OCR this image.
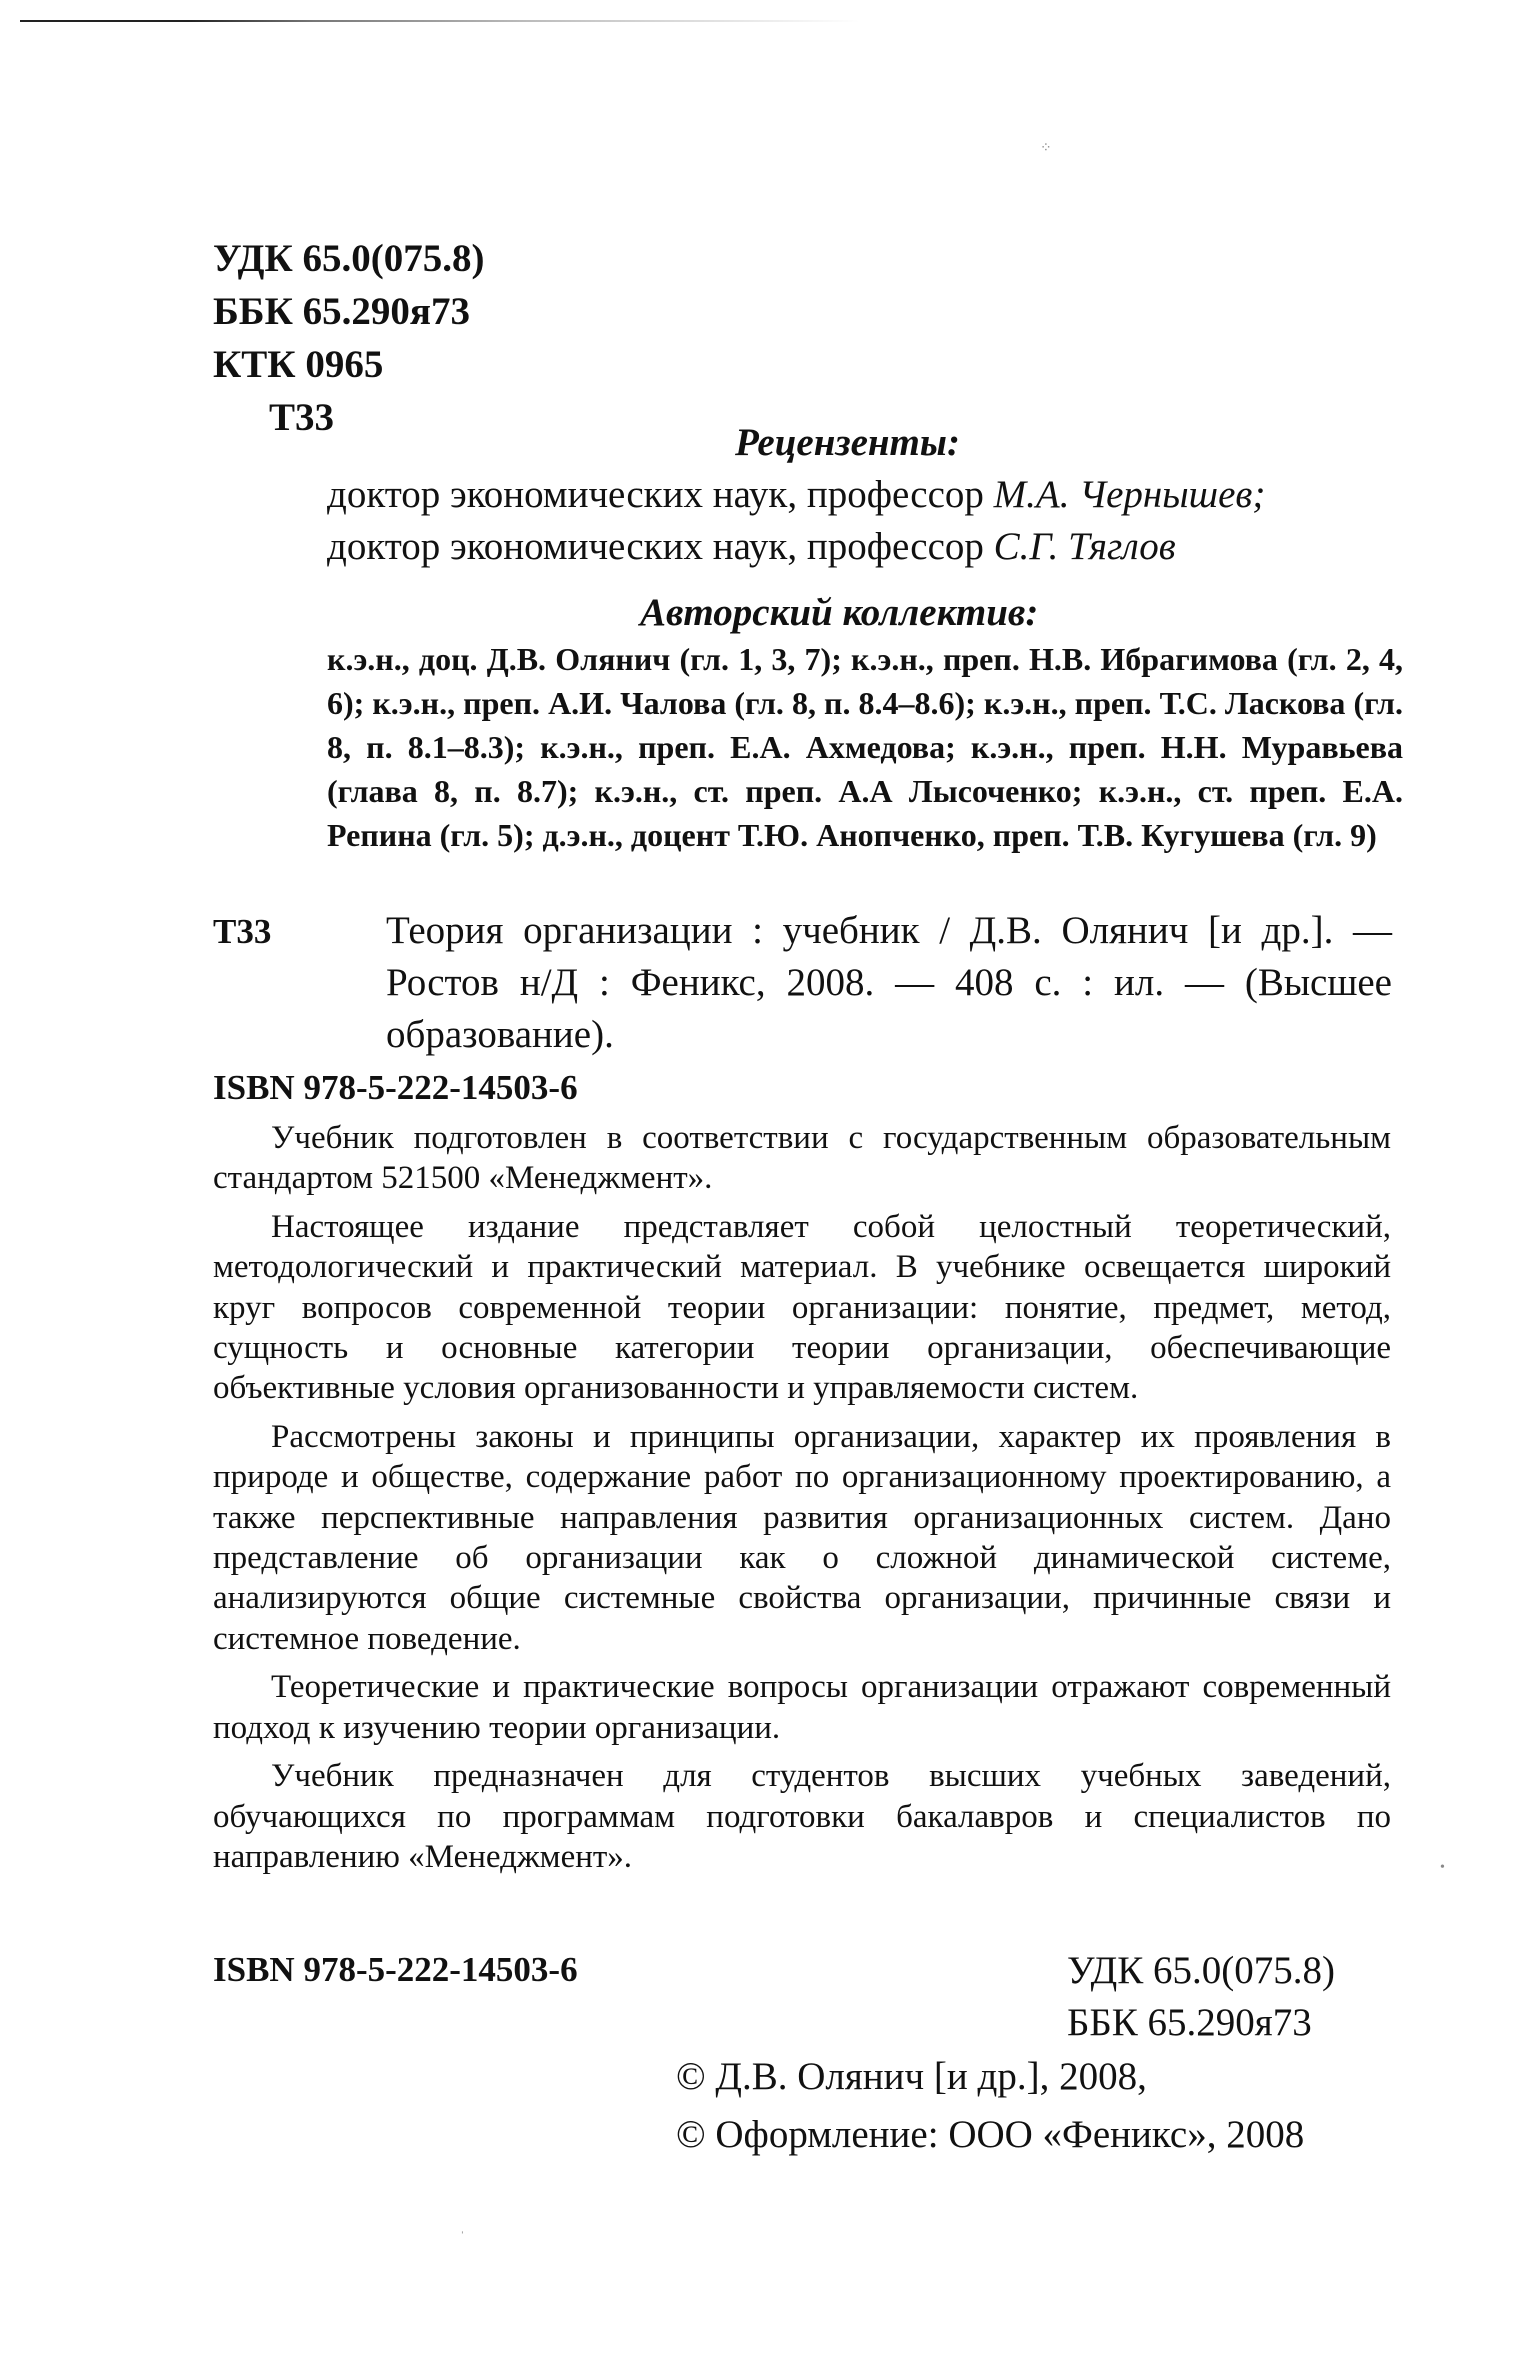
УДК 65.0(075.8)
ББК 65.290я73
КТК 0965
Т33
Рецензенты:
доктор экономических наук, профессор М.А. Чернышев;
доктор экономических наук, профессор С.Г. Тяглов
Авторский коллектив:
к.э.н., доц. Д.В. Олянич (гл. 1, 3, 7); к.э.н., преп. Н.В. Ибрагимова (гл. 2, 4, 6); к.э.н., преп. А.И. Чалова (гл. 8, п. 8.4–8.6); к.э.н., преп. Т.С. Ласкова (гл. 8, п. 8.1–8.3); к.э.н., преп. Е.А. Ахмедова; к.э.н., преп. Н.Н. Муравьева (глава 8, п. 8.7); к.э.н., ст. преп. А.А Лысоченко; к.э.н., ст. преп. Е.А. Репина (гл. 5); д.э.н., доцент Т.Ю. Анопченко, преп. Т.В. Кугушева (гл. 9)
Т33	Теория организации : учебник / Д.В. Олянич [и др.]. — Ростов н/Д : Феникс, 2008. — 408 с. : ил. — (Высшее образование).
ISBN 978-5-222-14503-6

Учебник подготовлен в соответствии с государственным образовательным стандартом 521500 «Менеджмент».

Настоящее издание представляет собой целостный теоретический, методологический и практический материал. В учебнике освещается широкий круг вопросов современной теории организации: понятие, предмет, метод, сущность и основные категории теории организации, обеспечивающие объективные условия организованности и управляемости систем.

Рассмотрены законы и принципы организации, характер их проявления в природе и обществе, содержание работ по организационному проектированию, а также перспективные направления развития организационных систем. Дано представление об организации как о сложной динамической системе, анализируются общие системные свойства организации, причинные связи и системное поведение.

Теоретические и практические вопросы организации отражают современный подход к изучению теории организации.

Учебник предназначен для студентов высших учебных заведений, обучающихся по программам подготовки бакалавров и специалистов по направлению «Менеджмент».

ISBN 978-5-222-14503-6	УДК 65.0(075.8)
ББК 65.290я73
© Д.В. Олянич [и др.], 2008,
© Оформление: ООО «Феникс», 2008
⁘
•
ˈ
